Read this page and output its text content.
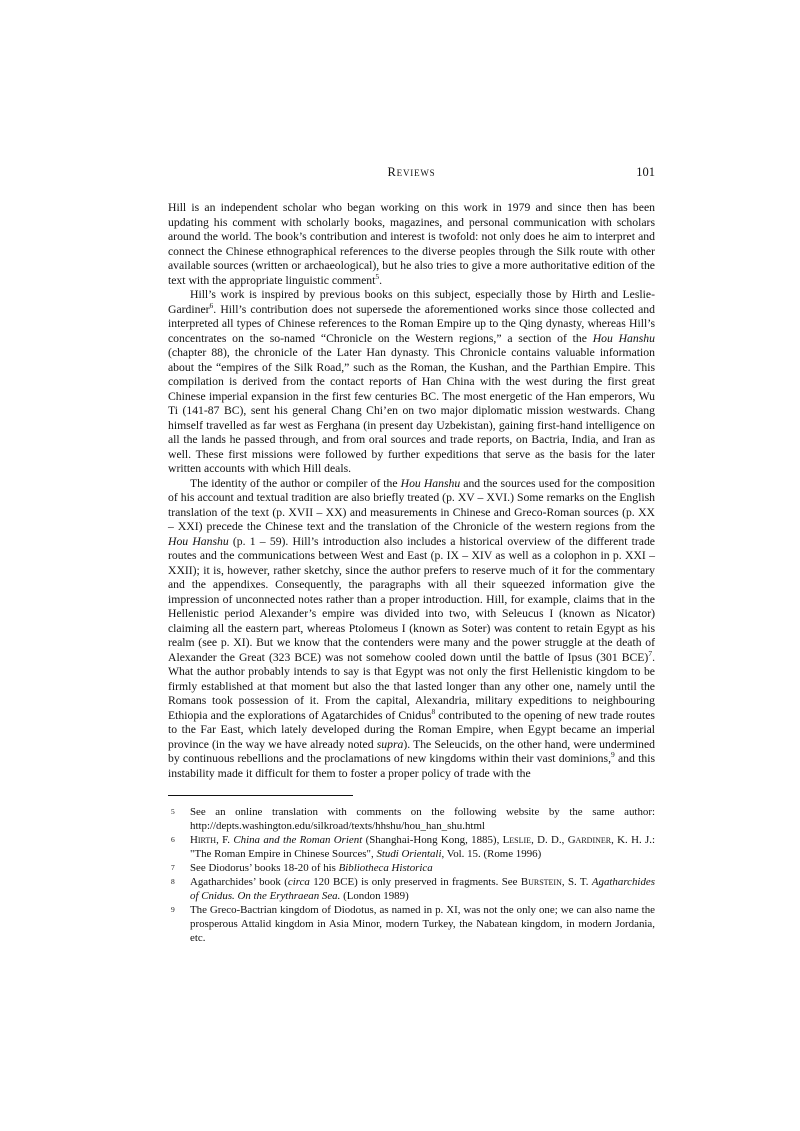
Reviews	101

Hill is an independent scholar who began working on this work in 1979 and since then has been updating his comment with scholarly books, magazines, and personal communication with scholars around the world. The book’s contribution and interest is twofold: not only does he aim to interpret and connect the Chinese ethnographical references to the diverse peoples through the Silk route with other available sources (written or archaeological), but he also tries to give a more authoritative edition of the text with the appropriate linguistic comment$^5$.

Hill’s work is inspired by previous books on this subject, especially those by Hirth and Leslie-Gardiner$^6$. Hill’s contribution does not supersede the aforementioned works since those collected and interpreted all types of Chinese references to the Roman Empire up to the Qing dynasty, whereas Hill’s concentrates on the so-named “Chronicle on the Western regions,” a section of the Hou Hanshu (chapter 88), the chronicle of the Later Han dynasty. This Chronicle contains valuable information about the “empires of the Silk Road,” such as the Roman, the Kushan, and the Parthian Empire. This compilation is derived from the contact reports of Han China with the west during the first great Chinese imperial expansion in the first few centuries BC. The most energetic of the Han emperors, Wu Ti (141-87 BC), sent his general Chang Chi’en on two major diplomatic mission westwards. Chang himself travelled as far west as Ferghana (in present day Uzbekistan), gaining first-hand intelligence on all the lands he passed through, and from oral sources and trade reports, on Bactria, India, and Iran as well. These first missions were followed by further expeditions that serve as the basis for the later written accounts with which Hill deals.

The identity of the author or compiler of the Hou Hanshu and the sources used for the composition of his account and textual tradition are also briefly treated (p. XV – XVI.) Some remarks on the English translation of the text (p. XVII – XX) and measurements in Chinese and Greco-Roman sources (p. XX – XXI) precede the Chinese text and the translation of the Chronicle of the western regions from the Hou Hanshu (p. 1 – 59). Hill’s introduction also includes a historical overview of the different trade routes and the communications between West and East (p. IX – XIV as well as a colophon in p. XXI – XXII); it is, however, rather sketchy, since the author prefers to reserve much of it for the commentary and the appendixes. Consequently, the paragraphs with all their squeezed information give the impression of unconnected notes rather than a proper introduction. Hill, for example, claims that in the Hellenistic period Alexander’s empire was divided into two, with Seleucus I (known as Nicator) claiming all the eastern part, whereas Ptolomeus I (known as Soter) was content to retain Egypt as his realm (see p. XI). But we know that the contenders were many and the power struggle at the death of Alexander the Great (323 BCE) was not somehow cooled down until the battle of Ipsus (301 BCE)$^7$. What the author probably intends to say is that Egypt was not only the first Hellenistic kingdom to be firmly established at that moment but also the that lasted longer than any other one, namely until the Romans took possession of it. From the capital, Alexandria, military expeditions to neighbouring Ethiopia and the explorations of Agatarchides of Cnidus$^8$ contributed to the opening of new trade routes to the Far East, which lately developed during the Roman Empire, when Egypt became an imperial province (in the way we have already noted supra). The Seleucids, on the other hand, were undermined by continuous rebellions and the proclamations of new kingdoms within their vast dominions,$^9$ and this instability made it difficult for them to foster a proper policy of trade with the

5 See an online translation with comments on the following website by the same author: http://depts.washington.edu/silkroad/texts/hhshu/hou_han_shu.html
6 Hirth, F. China and the Roman Orient (Shanghai-Hong Kong, 1885), Leslie, D. D., Gardiner, K. H. J.: "The Roman Empire in Chinese Sources", Studi Orientali, Vol. 15. (Rome 1996)
7 See Diodorus’ books 18-20 of his Bibliotheca Historica
8 Agatharchides’ book (circa 120 BCE) is only preserved in fragments. See Burstein, S. T. Agatharchides of Cnidus. On the Erythraean Sea. (London 1989)
9 The Greco-Bactrian kingdom of Diodotus, as named in p. XI, was not the only one; we can also name the prosperous Attalid kingdom in Asia Minor, modern Turkey, the Nabatean kingdom, in modern Jordania, etc.
